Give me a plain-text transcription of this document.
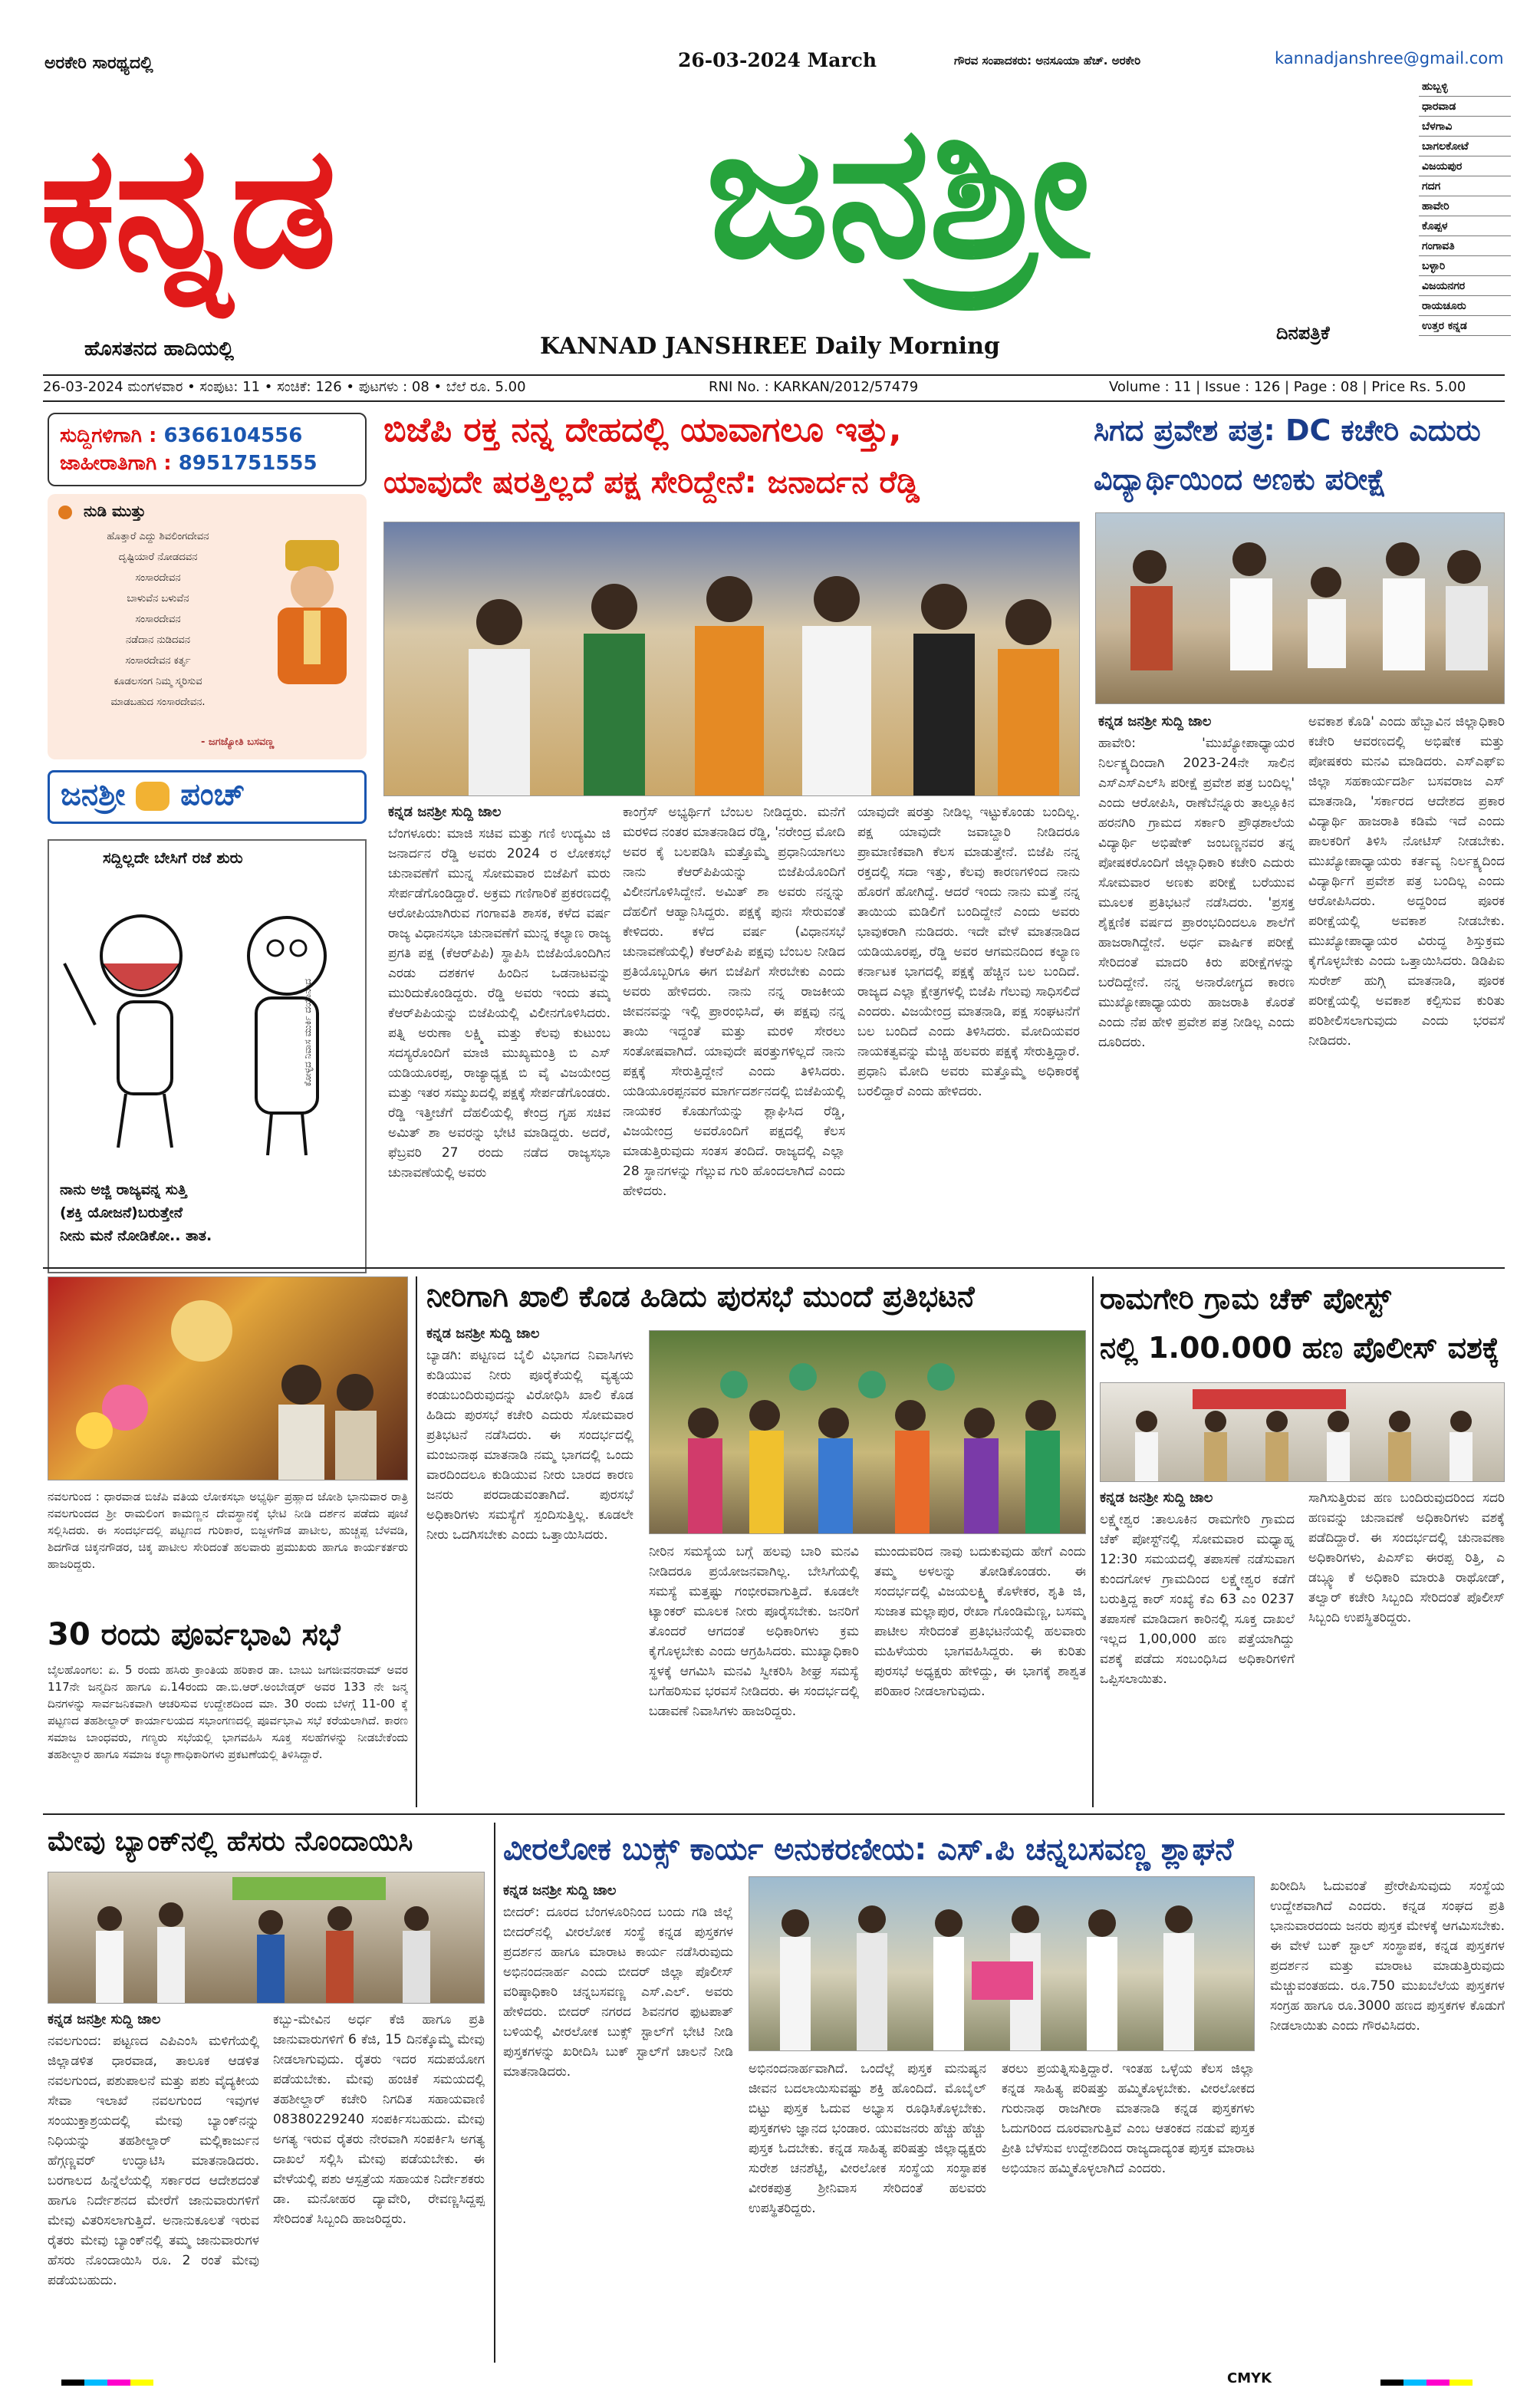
ಅರಕೇರಿ ಸಾರಥ್ಯದಲ್ಲಿ	26-03-2024 March	ಗೌರವ ಸಂಪಾದಕರು: ಅನಸೂಯಾ ಹೆಚ್. ಅರಕೇರಿ	kannadjanshree@gmail.com
ಕನ್ನಡ	ಜನಶ್ರೀ	ಹುಬ್ಬಳ್ಳಿ
ಧಾರವಾಡ
ಬೆಳಗಾವಿ
ಬಾಗಲಕೋಟೆ
ವಿಜಯಪುರ
ಗದಗ
ಹಾವೇರಿ
ಕೊಪ್ಪಳ
ಗಂಗಾವತಿ
ಬಳ್ಳಾರಿ
ವಿಜಯನಗರ
ರಾಯಚೂರು
ಉತ್ತರ ಕನ್ನಡ
ಹೊಸತನದ ಹಾದಿಯಲ್ಲಿ	KANNAD JANSHREE Daily Morning	ದಿನಪತ್ರಿಕೆ
26-03-2024 ಮಂಗಳವಾರ • ಸಂಪುಟ: 11 • ಸಂಚಿಕೆ: 126 • ಪುಟಗಳು : 08 • ಬೆಲೆ ರೂ. 5.00	RNI No. : KARKAN/2012/57479	Volume : 11 | Issue : 126 | Page : 08 | Price Rs. 5.00
ಸುದ್ದಿಗಳಿಗಾಗಿ : 6366104556
ಜಾಹೀರಾತಿಗಾಗಿ : 8951751555
ನುಡಿ ಮುತ್ತು
ಹೊತ್ತಾರೆ ಎದ್ದು ಶಿವಲಿಂಗದೇವನ
ದೃಷ್ಟಿಯಾರೆ ನೋಡದವನ
ಸಂಸಾರದೇವನ
ಬಾಳುವೆನ ಬಳುವೆನ
ಸಂಸಾರದೇವನ
ನಡೆದಾನ ನುಡಿದವನ
ಸಂಸಾರದೇವನ ಕರ್ತೃ
ಕೂಡಲಸಂಗ ನಿಮ್ಮ ಸ್ಮರಿಸುವ
ಮಾಡಬಹುದ ಸಂಸಾರದೇವನ.
- ಜಗಜ್ಯೋತಿ ಬಸವಣ್ಣ
ಜನಶ್ರೀ ಪಂಚ್
ಸದ್ದಿಲ್ಲದೇ ಬೇಸಿಗೆ ರಜೆ ಶುರು
ನಾನು ಅಜ್ಜಿ ರಾಜ್ಯವನ್ನ ಸುತ್ತಿ
(ಶಕ್ತಿ ಯೋಜನೆ)ಬರುತ್ತೇನೆ
ನೀನು ಮನೆ ನೋಡಿಕೋ.. ತಾತ.
ಕೋಳ್ಳದ ನಿವಾಸ ಮುರ್ಕಿ ದಯಾನಂದ
ಬಿಜೆಪಿ ರಕ್ತ ನನ್ನ ದೇಹದಲ್ಲಿ ಯಾವಾಗಲೂ ಇತ್ತು,
ಯಾವುದೇ ಷರತ್ತಿಲ್ಲದೆ ಪಕ್ಷ ಸೇರಿದ್ದೇನೆ: ಜನಾರ್ದನ ರೆಡ್ಡಿ
ಕನ್ನಡ ಜನಶ್ರೀ ಸುದ್ದಿ ಜಾಲ
ಬೆಂಗಳೂರು: ಮಾಜಿ ಸಚಿವ ಮತ್ತು ಗಣಿ ಉದ್ಯಮಿ ಜಿ ಜನಾರ್ದನ ರೆಡ್ಡಿ ಅವರು 2024 ರ ಲೋಕಸಭೆ ಚುನಾವಣೆಗೆ ಮುನ್ನ ಸೋಮವಾರ ಬಿಜೆಪಿಗೆ ಮರು ಸೇರ್ಪಡೆಗೊಂಡಿದ್ದಾರೆ. ಅಕ್ರಮ ಗಣಿಗಾರಿಕೆ ಪ್ರಕರಣದಲ್ಲಿ ಆರೋಪಿಯಾಗಿರುವ ಗಂಗಾವತಿ ಶಾಸಕ, ಕಳೆದ ವರ್ಷ ರಾಜ್ಯ ವಿಧಾನಸಭಾ ಚುನಾವಣೆಗೆ ಮುನ್ನ ಕಲ್ಯಾಣ ರಾಜ್ಯ ಪ್ರಗತಿ ಪಕ್ಷ (ಕೆಆರ್‌ಪಿಪಿ) ಸ್ಥಾಪಿಸಿ ಬಿಜೆಪಿಯೊಂದಿಗಿನ ಎರಡು ದಶಕಗಳ ಹಿಂದಿನ ಒಡನಾಟವನ್ನು ಮುರಿದುಕೊಂಡಿದ್ದರು. ರೆಡ್ಡಿ ಅವರು ಇಂದು ತಮ್ಮ ಕೆಆರ್‌ಪಿಪಿಯನ್ನು ಬಿಜೆಪಿಯಲ್ಲಿ ವಿಲೀನಗೊಳಿಸಿದರು. ಪತ್ನಿ ಅರುಣಾ ಲಕ್ಷ್ಮಿ ಮತ್ತು ಕೆಲವು ಕುಟುಂಬ ಸದಸ್ಯರೊಂದಿಗೆ ಮಾಜಿ ಮುಖ್ಯಮಂತ್ರಿ ಬಿ ಎಸ್ ಯಡಿಯೂರಪ್ಪ, ರಾಜ್ಯಾಧ್ಯಕ್ಷ ಬಿ ವೈ ವಿಜಯೇಂದ್ರ ಮತ್ತು ಇತರ ಸಮ್ಮುಖದಲ್ಲಿ ಪಕ್ಷಕ್ಕೆ ಸೇರ್ಪಡೆಗೊಂಡರು. ರೆಡ್ಡಿ ಇತ್ತೀಚೆಗೆ ದೆಹಲಿಯಲ್ಲಿ ಕೇಂದ್ರ ಗೃಹ ಸಚಿವ ಅಮಿತ್ ಶಾ ಅವರನ್ನು ಭೇಟಿ ಮಾಡಿದ್ದರು. ಅದರೆ, ಫೆಬ್ರವರಿ 27 ರಂದು ನಡೆದ ರಾಜ್ಯಸಭಾ ಚುನಾವಣೆಯಲ್ಲಿ ಅವರು
ಕಾಂಗ್ರೆಸ್ ಅಭ್ಯರ್ಥಿಗೆ ಬೆಂಬಲ ನೀಡಿದ್ದರು. ಮನೆಗೆ ಮರಳಿದ ನಂತರ ಮಾತನಾಡಿದ ರೆಡ್ಡಿ, 'ನರೇಂದ್ರ ಮೋದಿ ಅವರ ಕೈ ಬಲಪಡಿಸಿ ಮತ್ತೊಮ್ಮೆ ಪ್ರಧಾನಿಯಾಗಲು ನಾನು ಕೆಆರ್‌ಪಿಪಿಯನ್ನು ಬಿಜೆಪಿಯೊಂದಿಗೆ ವಿಲೀನಗೊಳಿಸಿದ್ದೇನೆ. ಅಮಿತ್ ಶಾ ಅವರು ನನ್ನನ್ನು ದೆಹಲಿಗೆ ಆಹ್ವಾನಿಸಿದ್ದರು. ಪಕ್ಷಕ್ಕೆ ಪುನಃ ಸೇರುವಂತೆ ಕೇಳಿದರು. ಕಳೆದ ವರ್ಷ (ವಿಧಾನಸಭೆ ಚುನಾವಣೆಯಲ್ಲಿ) ಕೆಆರ್‌ಪಿಪಿ ಪಕ್ಷವು ಬೆಂಬಲ ನೀಡಿದ ಪ್ರತಿಯೊಬ್ಬರಿಗೂ ಈಗ ಬಿಜೆಪಿಗೆ ಸೇರಬೇಕು ಎಂದು ಅವರು ಹೇಳಿದರು. ನಾನು ನನ್ನ ರಾಜಕೀಯ ಜೀವನವನ್ನು ಇಲ್ಲಿ ಪ್ರಾರಂಭಿಸಿದೆ, ಈ ಪಕ್ಷವು ನನ್ನ ತಾಯಿ ಇದ್ದಂತೆ ಮತ್ತು ಮರಳಿ ಸೇರಲು ಸಂತೋಷವಾಗಿದೆ. ಯಾವುದೇ ಷರತ್ತುಗಳಿಲ್ಲದೆ ನಾನು ಪಕ್ಷಕ್ಕೆ ಸೇರುತ್ತಿದ್ದೇನೆ ಎಂದು ತಿಳಿಸಿದರು. ಯಡಿಯೂರಪ್ಪನವರ ಮಾರ್ಗದರ್ಶನದಲ್ಲಿ ಬಿಜೆಪಿಯಲ್ಲಿ ನಾಯಕರ ಕೊಡುಗೆಯನ್ನು ಶ್ಲಾಘಿಸಿದ ರೆಡ್ಡಿ, ವಿಜಯೇಂದ್ರ ಅವರೊಂದಿಗೆ ಪಕ್ಷದಲ್ಲಿ ಕೆಲಸ ಮಾಡುತ್ತಿರುವುದು ಸಂತಸ ತಂದಿದೆ. ರಾಜ್ಯದಲ್ಲಿ ಎಲ್ಲಾ 28 ಸ್ಥಾನಗಳನ್ನು ಗೆಲ್ಲುವ ಗುರಿ ಹೊಂದಲಾಗಿದೆ ಎಂದು ಹೇಳಿದರು.
ಯಾವುದೇ ಷರತ್ತು ನೀಡಿಲ್ಲ ಇಟ್ಟುಕೊಂಡು ಬಂದಿಲ್ಲ. ಪಕ್ಷ ಯಾವುದೇ ಜವಾಬ್ದಾರಿ ನೀಡಿದರೂ ಪ್ರಾಮಾಣಿಕವಾಗಿ ಕೆಲಸ ಮಾಡುತ್ತೇನೆ. ಬಿಜೆಪಿ ನನ್ನ ರಕ್ತದಲ್ಲಿ ಸದಾ ಇತ್ತು, ಕೆಲವು ಕಾರಣಗಳಿಂದ ನಾನು ಹೊರಗೆ ಹೋಗಿದ್ದೆ. ಆದರೆ ಇಂದು ನಾನು ಮತ್ತೆ ನನ್ನ ತಾಯಿಯ ಮಡಿಲಿಗೆ ಬಂದಿದ್ದೇನೆ ಎಂದು ಅವರು ಭಾವುಕರಾಗಿ ನುಡಿದರು. ಇದೇ ವೇಳೆ ಮಾತನಾಡಿದ ಯಡಿಯೂರಪ್ಪ, ರೆಡ್ಡಿ ಅವರ ಆಗಮನದಿಂದ ಕಲ್ಯಾಣ ಕರ್ನಾಟಕ ಭಾಗದಲ್ಲಿ ಪಕ್ಷಕ್ಕೆ ಹೆಚ್ಚಿನ ಬಲ ಬಂದಿದೆ. ರಾಜ್ಯದ ಎಲ್ಲಾ ಕ್ಷೇತ್ರಗಳಲ್ಲಿ ಬಿಜೆಪಿ ಗೆಲುವು ಸಾಧಿಸಲಿದೆ ಎಂದರು. ವಿಜಯೇಂದ್ರ ಮಾತನಾಡಿ, ಪಕ್ಷ ಸಂಘಟನೆಗೆ ಬಲ ಬಂದಿದೆ ಎಂದು ತಿಳಿಸಿದರು. ಮೋದಿಯವರ ನಾಯಕತ್ವವನ್ನು ಮೆಚ್ಚಿ ಹಲವರು ಪಕ್ಷಕ್ಕೆ ಸೇರುತ್ತಿದ್ದಾರೆ. ಪ್ರಧಾನಿ ಮೋದಿ ಅವರು ಮತ್ತೊಮ್ಮೆ ಅಧಿಕಾರಕ್ಕೆ ಬರಲಿದ್ದಾರೆ ಎಂದು ಹೇಳಿದರು.
ಸಿಗದ ಪ್ರವೇಶ ಪತ್ರ: DC ಕಚೇರಿ ಎದುರು
ವಿದ್ಯಾರ್ಥಿಯಿಂದ ಅಣಕು ಪರೀಕ್ಷೆ
ಕನ್ನಡ ಜನಶ್ರೀ ಸುದ್ದಿ ಜಾಲ
ಹಾವೇರಿ: 'ಮುಖ್ಯೋಪಾಧ್ಯಾಯರ ನಿರ್ಲಕ್ಷ್ಯದಿಂದಾಗಿ 2023-24ನೇ ಸಾಲಿನ ಎಸ್‌ಎಸ್‌ಎಲ್‌ಸಿ ಪರೀಕ್ಷೆ ಪ್ರವೇಶ ಪತ್ರ ಬಂದಿಲ್ಲ' ಎಂದು ಆರೋಪಿಸಿ, ರಾಣೆಬೆನ್ನೂರು ತಾಲ್ಲೂಕಿನ ಹರನಗಿರಿ ಗ್ರಾಮದ ಸರ್ಕಾರಿ ಪ್ರೌಢಶಾಲೆಯ ವಿದ್ಯಾರ್ಥಿ ಅಭಿಷೇಕ್ ಜಂಬಣ್ಣನವರ ತನ್ನ ಪೋಷಕರೊಂದಿಗೆ ಜಿಲ್ಲಾಧಿಕಾರಿ ಕಚೇರಿ ಎದುರು ಸೋಮವಾರ ಅಣಕು ಪರೀಕ್ಷೆ ಬರೆಯುವ ಮೂಲಕ ಪ್ರತಿಭಟನೆ ನಡೆಸಿದರು. 'ಪ್ರಸಕ್ತ ಶೈಕ್ಷಣಿಕ ವರ್ಷದ ಪ್ರಾರಂಭದಿಂದಲೂ ಶಾಲೆಗೆ ಹಾಜರಾಗಿದ್ದೇನೆ. ಅರ್ಧ ವಾರ್ಷಿಕ ಪರೀಕ್ಷೆ ಸೇರಿದಂತೆ ಮಾದರಿ ಕಿರು ಪರೀಕ್ಷೆಗಳನ್ನು ಬರೆದಿದ್ದೇನೆ. ನನ್ನ ಅನಾರೋಗ್ಯದ ಕಾರಣ ಮುಖ್ಯೋಪಾಧ್ಯಾಯರು ಹಾಜರಾತಿ ಕೊರತೆ ಎಂದು ನೆಪ ಹೇಳಿ ಪ್ರವೇಶ ಪತ್ರ ನೀಡಿಲ್ಲ ಎಂದು ದೂರಿದರು.
ಅವಕಾಶ ಕೊಡಿ' ಎಂದು ಹೆಬ್ಬಾವಿನ ಜಿಲ್ಲಾಧಿಕಾರಿ ಕಚೇರಿ ಆವರಣದಲ್ಲಿ ಅಭಿಷೇಕ ಮತ್ತು ಪೋಷಕರು ಮನವಿ ಮಾಡಿದರು. ಎಸ್‌ಎಫ್‌ಐ ಜಿಲ್ಲಾ ಸಹಕಾರ್ಯದರ್ಶಿ ಬಸವರಾಜ ಎಸ್ ಮಾತನಾಡಿ, 'ಸರ್ಕಾರದ ಆದೇಶದ ಪ್ರಕಾರ ವಿದ್ಯಾರ್ಥಿ ಹಾಜರಾತಿ ಕಡಿಮೆ ಇದೆ ಎಂದು ಪಾಲಕರಿಗೆ ತಿಳಿಸಿ ನೋಟಿಸ್ ನೀಡಬೇಕು. ಮುಖ್ಯೋಪಾಧ್ಯಾಯರು ಕರ್ತವ್ಯ ನಿರ್ಲಕ್ಷ್ಯದಿಂದ ವಿದ್ಯಾರ್ಥಿಗೆ ಪ್ರವೇಶ ಪತ್ರ ಬಂದಿಲ್ಲ ಎಂದು ಆರೋಪಿಸಿದರು. ಅದ್ದರಿಂದ ಪೂರಕ ಪರೀಕ್ಷೆಯಲ್ಲಿ ಅವಕಾಶ ನೀಡಬೇಕು. ಮುಖ್ಯೋಪಾಧ್ಯಾಯರ ವಿರುದ್ಧ ಶಿಸ್ತುಕ್ರಮ ಕೈಗೊಳ್ಳಬೇಕು ಎಂದು ಒತ್ತಾಯಿಸಿದರು. ಡಿಡಿಪಿಐ ಸುರೇಶ್ ಹುಗ್ಗಿ ಮಾತನಾಡಿ, ಪೂರಕ ಪರೀಕ್ಷೆಯಲ್ಲಿ ಅವಕಾಶ ಕಲ್ಪಿಸುವ ಕುರಿತು ಪರಿಶೀಲಿಸಲಾಗುವುದು ಎಂದು ಭರವಸೆ ನೀಡಿದರು.
ನವಲಗುಂದ : ಧಾರವಾಡ ಬಿಜೆಪಿ ವತಿಯ ಲೋಕಸಭಾ ಅಭ್ಯರ್ಥಿ ಪ್ರಹ್ಲಾದ ಜೋಶಿ ಭಾನುವಾರ ರಾತ್ರಿ ನವಲಗುಂದದ ಶ್ರೀ ರಾಮಲಿಂಗ ಕಾಮಣ್ಣನ ದೇವಸ್ಥಾನಕ್ಕೆ ಭೇಟಿ ನೀಡಿ ದರ್ಶನ ಪಡೆದು ಪೂಜೆ ಸಲ್ಲಿಸಿದರು. ಈ ಸಂದರ್ಭದಲ್ಲಿ ಪಟ್ಟಣದ ಗುರಿಕಾರ, ಬಿಜ್ಜಳಗೌಡ ಪಾಟೀಲ, ಹುಚ್ಚಪ್ಪ ಬೆಳವಡಿ, ಶಿದಗೌಡ ಚಿಕ್ಕನಗೌಡರ, ಚಿಕ್ಕ ಪಾಟೀಲ ಸೇರಿದಂತೆ ಹಲವಾರು ಪ್ರಮುಖರು ಹಾಗೂ ಕಾರ್ಯಕರ್ತರು ಹಾಜರಿದ್ದರು.
30 ರಂದು ಪೂರ್ವಭಾವಿ ಸಭೆ
ಬೈಲಹೊಂಗಲ: ಏ. 5 ರಂದು ಹಸಿರು ಕ್ರಾಂತಿಯ ಹರಿಕಾರ ಡಾ. ಬಾಬು ಜಗಜೀವನರಾಮ್ ಅವರ 117ನೇ ಜನ್ಮದಿನ ಹಾಗೂ ಏ.14ರಂದು ಡಾ.ಬಿ.ಆರ್.ಅಂಬೇಡ್ಕರ್ ಅವರ 133 ನೇ ಜನ್ಮ ದಿನಗಳನ್ನು ಸಾರ್ವಜನಿಕವಾಗಿ ಆಚರಿಸುವ ಉದ್ದೇಶದಿಂದ ಮಾ. 30 ರಂದು ಬೆಳಗ್ಗೆ 11-00 ಕ್ಕೆ ಪಟ್ಟಣದ ತಹಶೀಲ್ದಾರ್ ಕಾರ್ಯಾಲಯದ ಸಭಾಂಗಣದಲ್ಲಿ ಪೂರ್ವಭಾವಿ ಸಭೆ ಕರೆಯಲಾಗಿದೆ. ಕಾರಣ ಸಮಾಜ ಬಾಂಧವರು, ಗಣ್ಯರು ಸಭೆಯಲ್ಲಿ ಭಾಗವಹಿಸಿ ಸೂಕ್ತ ಸಲಹೆಗಳನ್ನು ನೀಡಬೇಕೆಂದು ತಹಶೀಲ್ದಾರ ಹಾಗೂ ಸಮಾಜ ಕಲ್ಯಾಣಾಧಿಕಾರಿಗಳು ಪ್ರಕಟಣೆಯಲ್ಲಿ ತಿಳಿಸಿದ್ದಾರೆ.
ನೀರಿಗಾಗಿ ಖಾಲಿ ಕೊಡ ಹಿಡಿದು ಪುರಸಭೆ ಮುಂದೆ ಪ್ರತಿಭಟನೆ
ಕನ್ನಡ ಜನಶ್ರೀ ಸುದ್ದಿ ಜಾಲ
ಬ್ಯಾಡಗಿ: ಪಟ್ಟಣದ ಬೈಲಿ ವಿಭಾಗದ ನಿವಾಸಿಗಳು ಕುಡಿಯುವ ನೀರು ಪೂರೈಕೆಯಲ್ಲಿ ವ್ಯತ್ಯಯ ಕಂಡುಬಂದಿರುವುದನ್ನು ವಿರೋಧಿಸಿ ಖಾಲಿ ಕೊಡ ಹಿಡಿದು ಪುರಸಭೆ ಕಚೇರಿ ಎದುರು ಸೋಮವಾರ ಪ್ರತಿಭಟನೆ ನಡೆಸಿದರು. ಈ ಸಂದರ್ಭದಲ್ಲಿ ಮಂಜುನಾಥ ಮಾತನಾಡಿ ನಮ್ಮ ಭಾಗದಲ್ಲಿ ಒಂದು ವಾರದಿಂದಲೂ ಕುಡಿಯುವ ನೀರು ಬಾರದ ಕಾರಣ ಜನರು ಪರದಾಡುವಂತಾಗಿದೆ. ಪುರಸಭೆ ಅಧಿಕಾರಿಗಳು ಸಮಸ್ಯೆಗೆ ಸ್ಪಂದಿಸುತ್ತಿಲ್ಲ. ಕೂಡಲೇ ನೀರು ಒದಗಿಸಬೇಕು ಎಂದು ಒತ್ತಾಯಿಸಿದರು.
ನೀರಿನ ಸಮಸ್ಯೆಯ ಬಗ್ಗೆ ಹಲವು ಬಾರಿ ಮನವಿ ನೀಡಿದರೂ ಪ್ರಯೋಜನವಾಗಿಲ್ಲ. ಬೇಸಿಗೆಯಲ್ಲಿ ಸಮಸ್ಯೆ ಮತ್ತಷ್ಟು ಗಂಭೀರವಾಗುತ್ತಿದೆ. ಕೂಡಲೇ ಟ್ಯಾಂಕರ್ ಮೂಲಕ ನೀರು ಪೂರೈಸಬೇಕು. ಜನರಿಗೆ ತೊಂದರೆ ಆಗದಂತೆ ಅಧಿಕಾರಿಗಳು ಕ್ರಮ ಕೈಗೊಳ್ಳಬೇಕು ಎಂದು ಆಗ್ರಹಿಸಿದರು. ಮುಖ್ಯಾಧಿಕಾರಿ ಸ್ಥಳಕ್ಕೆ ಆಗಮಿಸಿ ಮನವಿ ಸ್ವೀಕರಿಸಿ ಶೀಘ್ರ ಸಮಸ್ಯೆ ಬಗೆಹರಿಸುವ ಭರವಸೆ ನೀಡಿದರು. ಈ ಸಂದರ್ಭದಲ್ಲಿ ಬಡಾವಣೆ ನಿವಾಸಿಗಳು ಹಾಜರಿದ್ದರು.
ಮುಂದುವರಿದ ನಾವು ಬದುಕುವುದು ಹೇಗೆ ಎಂದು ತಮ್ಮ ಅಳಲನ್ನು ತೋಡಿಕೊಂಡರು. ಈ ಸಂದರ್ಭದಲ್ಲಿ ವಿಜಯಲಕ್ಷ್ಮಿ ಕೊಳೇಕರ, ಶೃತಿ ಜಿ, ಸುಜಾತ ಮಲ್ಲಾಪುರ, ರೇಖಾ ಗೊಂಡಿಮೆಣ್ಣ, ಬಸಮ್ಮ ಪಾಟೀಲ ಸೇರಿದಂತೆ ಪ್ರತಿಭಟನೆಯಲ್ಲಿ ಹಲವಾರು ಮಹಿಳೆಯರು ಭಾಗವಹಿಸಿದ್ದರು. ಈ ಕುರಿತು ಪುರಸಭೆ ಅಧ್ಯಕ್ಷರು ಹೇಳಿದ್ದು, ಈ ಭಾಗಕ್ಕೆ ಶಾಶ್ವತ ಪರಿಹಾರ ನೀಡಲಾಗುವುದು.
ರಾಮಗೇರಿ ಗ್ರಾಮ ಚೆಕ್ ಪೋಸ್ಟ್
ನಲ್ಲಿ 1.00.000 ಹಣ ಪೊಲೀಸ್ ವಶಕ್ಕೆ
ಕನ್ನಡ ಜನಶ್ರೀ ಸುದ್ದಿ ಜಾಲ
ಲಕ್ಷ್ಮೇಶ್ವರ :ತಾಲೂಕಿನ ರಾಮಗೇರಿ ಗ್ರಾಮದ ಚೆಕ್ ಪೋಸ್ಟ್‌ನಲ್ಲಿ ಸೋಮವಾರ ಮಧ್ಯಾಹ್ನ 12:30 ಸಮಯದಲ್ಲಿ ತಪಾಸಣೆ ನಡೆಸುವಾಗ ಕುಂದಗೋಳ ಗ್ರಾಮದಿಂದ ಲಕ್ಷ್ಮೇಶ್ವರ ಕಡೆಗೆ ಬರುತ್ತಿದ್ದ ಕಾರ್ ಸಂಖ್ಯೆ ಕೆಎ 63 ಎಂ 0237 ತಪಾಸಣೆ ಮಾಡಿದಾಗ ಕಾರಿನಲ್ಲಿ ಸೂಕ್ತ ದಾಖಲೆ ಇಲ್ಲದ 1,00,000 ಹಣ ಪತ್ತೆಯಾಗಿದ್ದು ವಶಕ್ಕೆ ಪಡೆದು ಸಂಬಂಧಿಸಿದ ಅಧಿಕಾರಿಗಳಿಗೆ ಒಪ್ಪಿಸಲಾಯಿತು.
ಸಾಗಿಸುತ್ತಿರುವ ಹಣ ಬಂದಿರುವುದರಿಂದ ಸದರಿ ಹಣವನ್ನು ಚುನಾವಣೆ ಅಧಿಕಾರಿಗಳು ವಶಕ್ಕೆ ಪಡೆದಿದ್ದಾರೆ. ಈ ಸಂದರ್ಭದಲ್ಲಿ ಚುನಾವಣಾ ಅಧಿಕಾರಿಗಳು, ಪಿಎಸ್‌ಐ ಈರಪ್ಪ ರಿತ್ತಿ, ಎ ಡಬ್ಲ್ಯೂ ಕೆ ಅಧಿಕಾರಿ ಮಾರುತಿ ರಾಥೋಡ್, ತಲ್ವಾರ್ ಕಚೇರಿ ಸಿಬ್ಬಂದಿ ಸೇರಿದಂತೆ ಪೊಲೀಸ್ ಸಿಬ್ಬಂದಿ ಉಪಸ್ಥಿತರಿದ್ದರು.
ಮೇವು ಬ್ಯಾಂಕ್‌ನಲ್ಲಿ ಹೆಸರು ನೊಂದಾಯಿಸಿ
ಕನ್ನಡ ಜನಶ್ರೀ ಸುದ್ದಿ ಜಾಲ
ನವಲಗುಂದ: ಪಟ್ಟಣದ ಎಪಿಎಂಸಿ ಮಳಿಗೆಯಲ್ಲಿ ಜಿಲ್ಲಾಡಳಿತ ಧಾರವಾಡ, ತಾಲೂಕ ಆಡಳಿತ ನವಲಗುಂದ, ಪಶುಪಾಲನೆ ಮತ್ತು ಪಶು ವೈದ್ಯಕೀಯ ಸೇವಾ ಇಲಾಖೆ ನವಲಗುಂದ ಇವುಗಳ ಸಂಯುಕ್ತಾಶ್ರಯದಲ್ಲಿ ಮೇವು ಬ್ಯಾಂಕ್‌ನನ್ನು ನಿಧಿಯನ್ನು ತಹಶೀಲ್ದಾರ್ ಮಲ್ಲಿಕಾರ್ಜುನ ಹೆಗ್ಗಣ್ಣವರ್ ಉದ್ಘಾಟಿಸಿ ಮಾತನಾಡಿದರು. ಬರಗಾಲದ ಹಿನ್ನೆಲೆಯಲ್ಲಿ ಸರ್ಕಾರದ ಆದೇಶದಂತೆ ಹಾಗೂ ನಿರ್ದೇಶನದ ಮೇರೆಗೆ ಜಾನುವಾರುಗಳಿಗೆ ಮೇವು ವಿತರಿಸಲಾಗುತ್ತಿದೆ. ಅನಾನುಕೂಲತೆ ಇರುವ ರೈತರು ಮೇವು ಬ್ಯಾಂಕ್‌ನಲ್ಲಿ ತಮ್ಮ ಜಾನುವಾರುಗಳ ಹೆಸರು ನೊಂದಾಯಿಸಿ ರೂ. 2 ರಂತೆ ಮೇವು ಪಡೆಯಬಹುದು.
ಕಬ್ಬು-ಮೇವಿನ ಅರ್ಧ ಕೆಜಿ ಹಾಗೂ ಪ್ರತಿ ಜಾನುವಾರುಗಳಿಗೆ 6 ಕೆಜಿ, 15 ದಿನಕ್ಕೊಮ್ಮೆ ಮೇವು ನೀಡಲಾಗುವುದು. ರೈತರು ಇದರ ಸದುಪಯೋಗ ಪಡೆಯಬೇಕು. ಮೇವು ಹಂಚಿಕೆ ಸಮಯದಲ್ಲಿ ತಹಶೀಲ್ದಾರ್ ಕಚೇರಿ ನಿಗದಿತ ಸಹಾಯವಾಣಿ 08380229240 ಸಂಪರ್ಕಿಸಬಹುದು. ಮೇವು ಅಗತ್ಯ ಇರುವ ರೈತರು ನೇರವಾಗಿ ಸಂಪರ್ಕಿಸಿ ಅಗತ್ಯ ದಾಖಲೆ ಸಲ್ಲಿಸಿ ಮೇವು ಪಡೆಯಬೇಕು. ಈ ವೇಳೆಯಲ್ಲಿ ಪಶು ಆಸ್ಪತ್ರೆಯ ಸಹಾಯಕ ನಿರ್ದೇಶಕರು ಡಾ. ಮನೋಹರ ದ್ಯಾವೇರಿ, ರೇವಣ್ಣಸಿದ್ದಪ್ಪ ಸೇರಿದಂತೆ ಸಿಬ್ಬಂದಿ ಹಾಜರಿದ್ದರು.
ವೀರಲೋಕ ಬುಕ್ಸ್ ಕಾರ್ಯ ಅನುಕರಣೀಯ: ಎಸ್.ಪಿ ಚನ್ನಬಸವಣ್ಣ ಶ್ಲಾಘನೆ
ಕನ್ನಡ ಜನಶ್ರೀ ಸುದ್ದಿ ಜಾಲ
ಬೀದರ್: ದೂರದ ಬೆಂಗಳೂರಿನಿಂದ ಬಂದು ಗಡಿ ಜಿಲ್ಲೆ ಬೀದರ್‌ನಲ್ಲಿ ವೀರಲೋಕ ಸಂಸ್ಥೆ ಕನ್ನಡ ಪುಸ್ತಕಗಳ ಪ್ರದರ್ಶನ ಹಾಗೂ ಮಾರಾಟ ಕಾರ್ಯ ನಡೆಸಿರುವುದು ಅಭಿನಂದನಾರ್ಹ ಎಂದು ಬೀದರ್ ಜಿಲ್ಲಾ ಪೊಲೀಸ್ ವರಿಷ್ಠಾಧಿಕಾರಿ ಚನ್ನಬಸವಣ್ಣ ಎಸ್.ಎಲ್. ಅವರು ಹೇಳಿದರು. ಬೀದರ್ ನಗರದ ಶಿವನಗರ ಫುಟಪಾತ್ ಬಳಿಯಲ್ಲಿ ವೀರಲೋಕ ಬುಕ್ಸ್ ಸ್ಟಾಲ್‌ಗೆ ಭೇಟಿ ನೀಡಿ ಪುಸ್ತಕಗಳನ್ನು ಖರೀದಿಸಿ ಬುಕ್ ಸ್ಟಾಲ್‌ಗೆ ಚಾಲನೆ ನೀಡಿ ಮಾತನಾಡಿದರು.	ಅಭಿನಂದನಾರ್ಹವಾಗಿದೆ. ಒಂದೆಲ್ಲೆ ಪುಸ್ತಕ ಮನುಷ್ಯನ ಜೀವನ ಬದಲಾಯಿಸುವಷ್ಟು ಶಕ್ತಿ ಹೊಂದಿದೆ. ಮೊಬೈಲ್ ಬಿಟ್ಟು ಪುಸ್ತಕ ಓದುವ ಅಭ್ಯಾಸ ರೂಢಿಸಿಕೊಳ್ಳಬೇಕು. ಪುಸ್ತಕಗಳು ಜ್ಞಾನದ ಭಂಡಾರ. ಯುವಜನರು ಹೆಚ್ಚು ಹೆಚ್ಚು ಪುಸ್ತಕ ಓದಬೇಕು. ಕನ್ನಡ ಸಾಹಿತ್ಯ ಪರಿಷತ್ತು ಜಿಲ್ಲಾಧ್ಯಕ್ಷರು ಸುರೇಶ ಚನಶೆಟ್ಟಿ, ವೀರಲೋಕ ಸಂಸ್ಥೆಯ ಸಂಸ್ಥಾಪಕ ವೀರಕಪುತ್ರ ಶ್ರೀನಿವಾಸ ಸೇರಿದಂತೆ ಹಲವರು ಉಪಸ್ಥಿತರಿದ್ದರು.
ತರಲು ಪ್ರಯತ್ನಿಸುತ್ತಿದ್ದಾರೆ. ಇಂತಹ ಒಳ್ಳೆಯ ಕೆಲಸ ಜಿಲ್ಲಾ ಕನ್ನಡ ಸಾಹಿತ್ಯ ಪರಿಷತ್ತು ಹಮ್ಮಿಕೊಳ್ಳಬೇಕು. ವೀರಲೋಕದ ಗುರುನಾಥ ರಾಜಗೀರಾ ಮಾತನಾಡಿ ಕನ್ನಡ ಪುಸ್ತಕಗಳು ಓದುಗರಿಂದ ದೂರವಾಗುತ್ತಿವೆ ಎಂಬ ಆತಂಕದ ನಡುವೆ ಪುಸ್ತಕ ಪ್ರೀತಿ ಬೆಳೆಸುವ ಉದ್ದೇಶದಿಂದ ರಾಜ್ಯದಾದ್ಯಂತ ಪುಸ್ತಕ ಮಾರಾಟ ಅಭಿಯಾನ ಹಮ್ಮಿಕೊಳ್ಳಲಾಗಿದೆ ಎಂದರು.
ಖರೀದಿಸಿ ಓದುವಂತೆ ಪ್ರೇರೇಪಿಸುವುದು ಸಂಸ್ಥೆಯ ಉದ್ದೇಶವಾಗಿದೆ ಎಂದರು. ಕನ್ನಡ ಸಂಘದ ಪ್ರತಿ ಭಾನುವಾರದಂದು ಜನರು ಪುಸ್ತಕ ಮೇಳಕ್ಕೆ ಆಗಮಿಸಬೇಕು. ಈ ವೇಳೆ ಬುಕ್ ಸ್ಟಾಲ್ ಸಂಸ್ಥಾಪಕ, ಕನ್ನಡ ಪುಸ್ತಕಗಳ ಪ್ರದರ್ಶನ ಮತ್ತು ಮಾರಾಟ ಮಾಡುತ್ತಿರುವುದು ಮೆಚ್ಚುವಂತಹದು. ರೂ.750 ಮುಖಬೆಲೆಯ ಪುಸ್ತಕಗಳ ಸಂಗ್ರಹ ಹಾಗೂ ರೂ.3000 ಹಣದ ಪುಸ್ತಕಗಳ ಕೊಡುಗೆ ನೀಡಲಾಯಿತು ಎಂದು ಗೌರವಿಸಿದರು.
CMYK
